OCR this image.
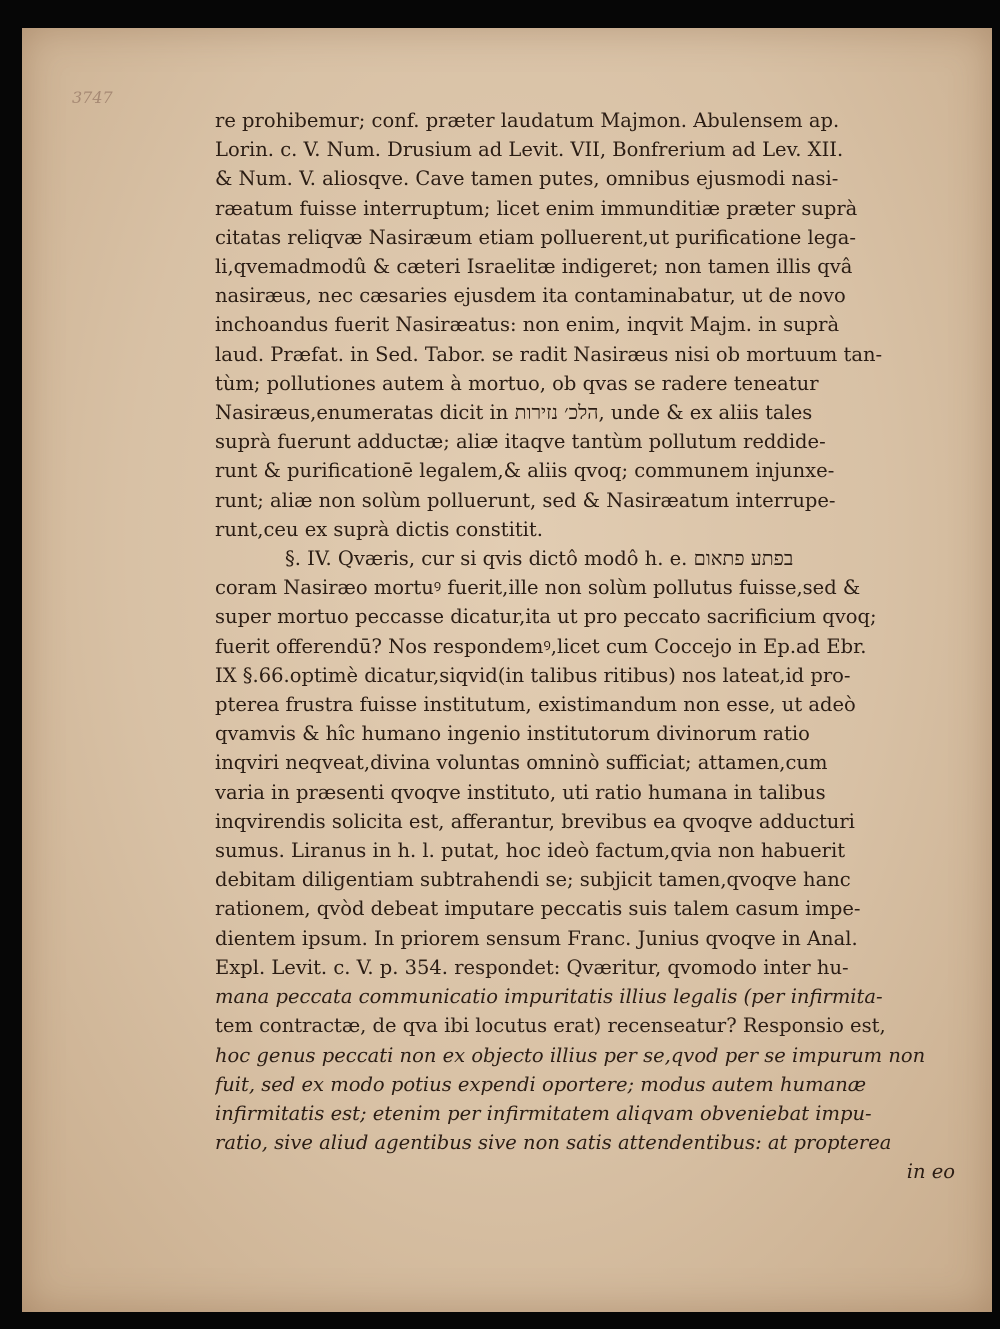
3747
re prohibemur; conf. præter laudatum Majmon. Abulensem ap.
Lorin. c. V. Num. Drusium ad Levit. VII, Bonfrerium ad Lev. XII.
& Num. V. aliosqve. Cave tamen putes, omnibus ejusmodi nasi-
ræatum fuisse interruptum; licet enim immunditiæ præter suprà
citatas reliqvæ Nasiræum etiam polluerent,ut purificatione lega-
li,qvemadmodû & cæteri Israelitæ indigeret; non tamen illis qvâ
nasiræus, nec cæsaries ejusdem ita contaminabatur, ut de novo
inchoandus fuerit Nasiræatus: non enim, inqvit Majm. in suprà
laud. Præfat. in Sed. Tabor. se radit Nasiræus nisi ob mortuum tan-
tùm; pollutiones autem à mortuo, ob qvas se radere teneatur
Nasiræus,enumeratas dicit in הלכ׳ נזירות, unde & ex aliis tales
suprà fuerunt adductæ; aliæ itaqve tantùm pollutum reddide-
runt & purificationē legalem,& aliis qvoq; communem injunxe-
runt; aliæ non solùm polluerunt, sed & Nasiræatum interrupe-
runt,ceu ex suprà dictis constitit.
§. IV. Qværis, cur si qvis dictô modô h. e. בפתע פתאום
coram Nasiræo mortuꝰ fuerit,ille non solùm pollutus fuisse,sed &
super mortuo peccasse dicatur,ita ut pro peccato sacrificium qvoq;
fuerit offerendū? Nos respondemꝰ,licet cum Coccejo in Ep.ad Ebr.
IX §.66.optimè dicatur,siqvid(in talibus ritibus) nos lateat,id pro-
pterea frustra fuisse institutum, existimandum non esse, ut adeò
qvamvis & hîc humano ingenio institutorum divinorum ratio
inqviri neqveat,divina voluntas omninò sufficiat; attamen,cum
varia in præsenti qvoqve instituto, uti ratio humana in talibus
inqvirendis solicita est, afferantur, brevibus ea qvoqve adducturi
sumus. Liranus in h. l. putat, hoc ideò factum,qvia non habuerit
debitam diligentiam subtrahendi se; subjicit tamen,qvoqve hanc
rationem, qvòd debeat imputare peccatis suis talem casum impe-
dientem ipsum. In priorem sensum Franc. Junius qvoqve in Anal.
Expl. Levit. c. V. p. 354. respondet: Qværitur, qvomodo inter hu-
mana peccata communicatio impuritatis illius legalis (per infirmita-
tem contractæ, de qva ibi locutus erat) recenseatur? Responsio est,
hoc genus peccati non ex objecto illius per se,qvod per se impurum non
fuit, sed ex modo potius expendi oportere; modus autem humanæ
infirmitatis est; etenim per infirmitatem aliqvam obveniebat impu-
ratio, sive aliud agentibus sive non satis attendentibus: at propterea
in eo
